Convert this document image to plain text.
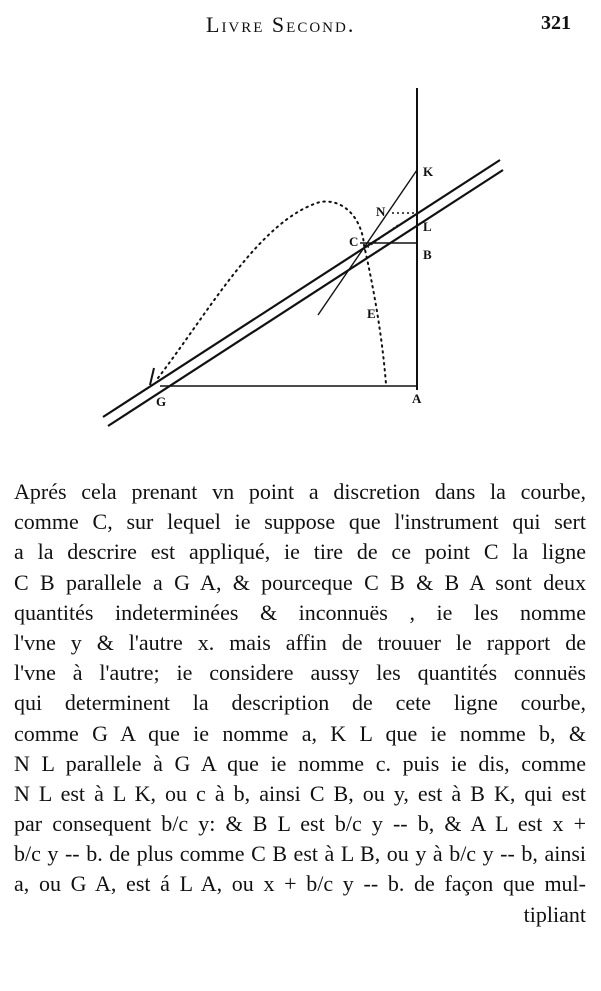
Livre Second.	321
K
N
L
C
B
E
G	A
Aprés cela prenant vn point a discretion dans la courbe,
comme C, sur lequel ie suppose que l'instrument qui sert
a la descrire est appliqué, ie tire de ce point C la ligne
C B parallele a G A, & pourceque C B & B A sont deux
quantités indeterminées & inconnuës , ie les nomme
l'vne y & l'autre x. mais affin de trouuer le rapport de
l'vne à l'autre; ie considere aussy les quantités connuës
qui determinent la description de cete ligne courbe,
comme G A que ie nomme a, K L que ie nomme b, &
N L parallele à G A que ie nomme c. puis ie dis, comme
N L est à L K, ou c à b, ainsi C B, ou y, est à B K, qui est
par consequent b/c y: & B L est b/c y -- b, & A L est x +
b/c y -- b. de plus comme C B est à L B, ou y à b/c y -- b, ainsi
a, ou G A, est á L A, ou x + b/c y -- b. de façon que mul-
tipliant
